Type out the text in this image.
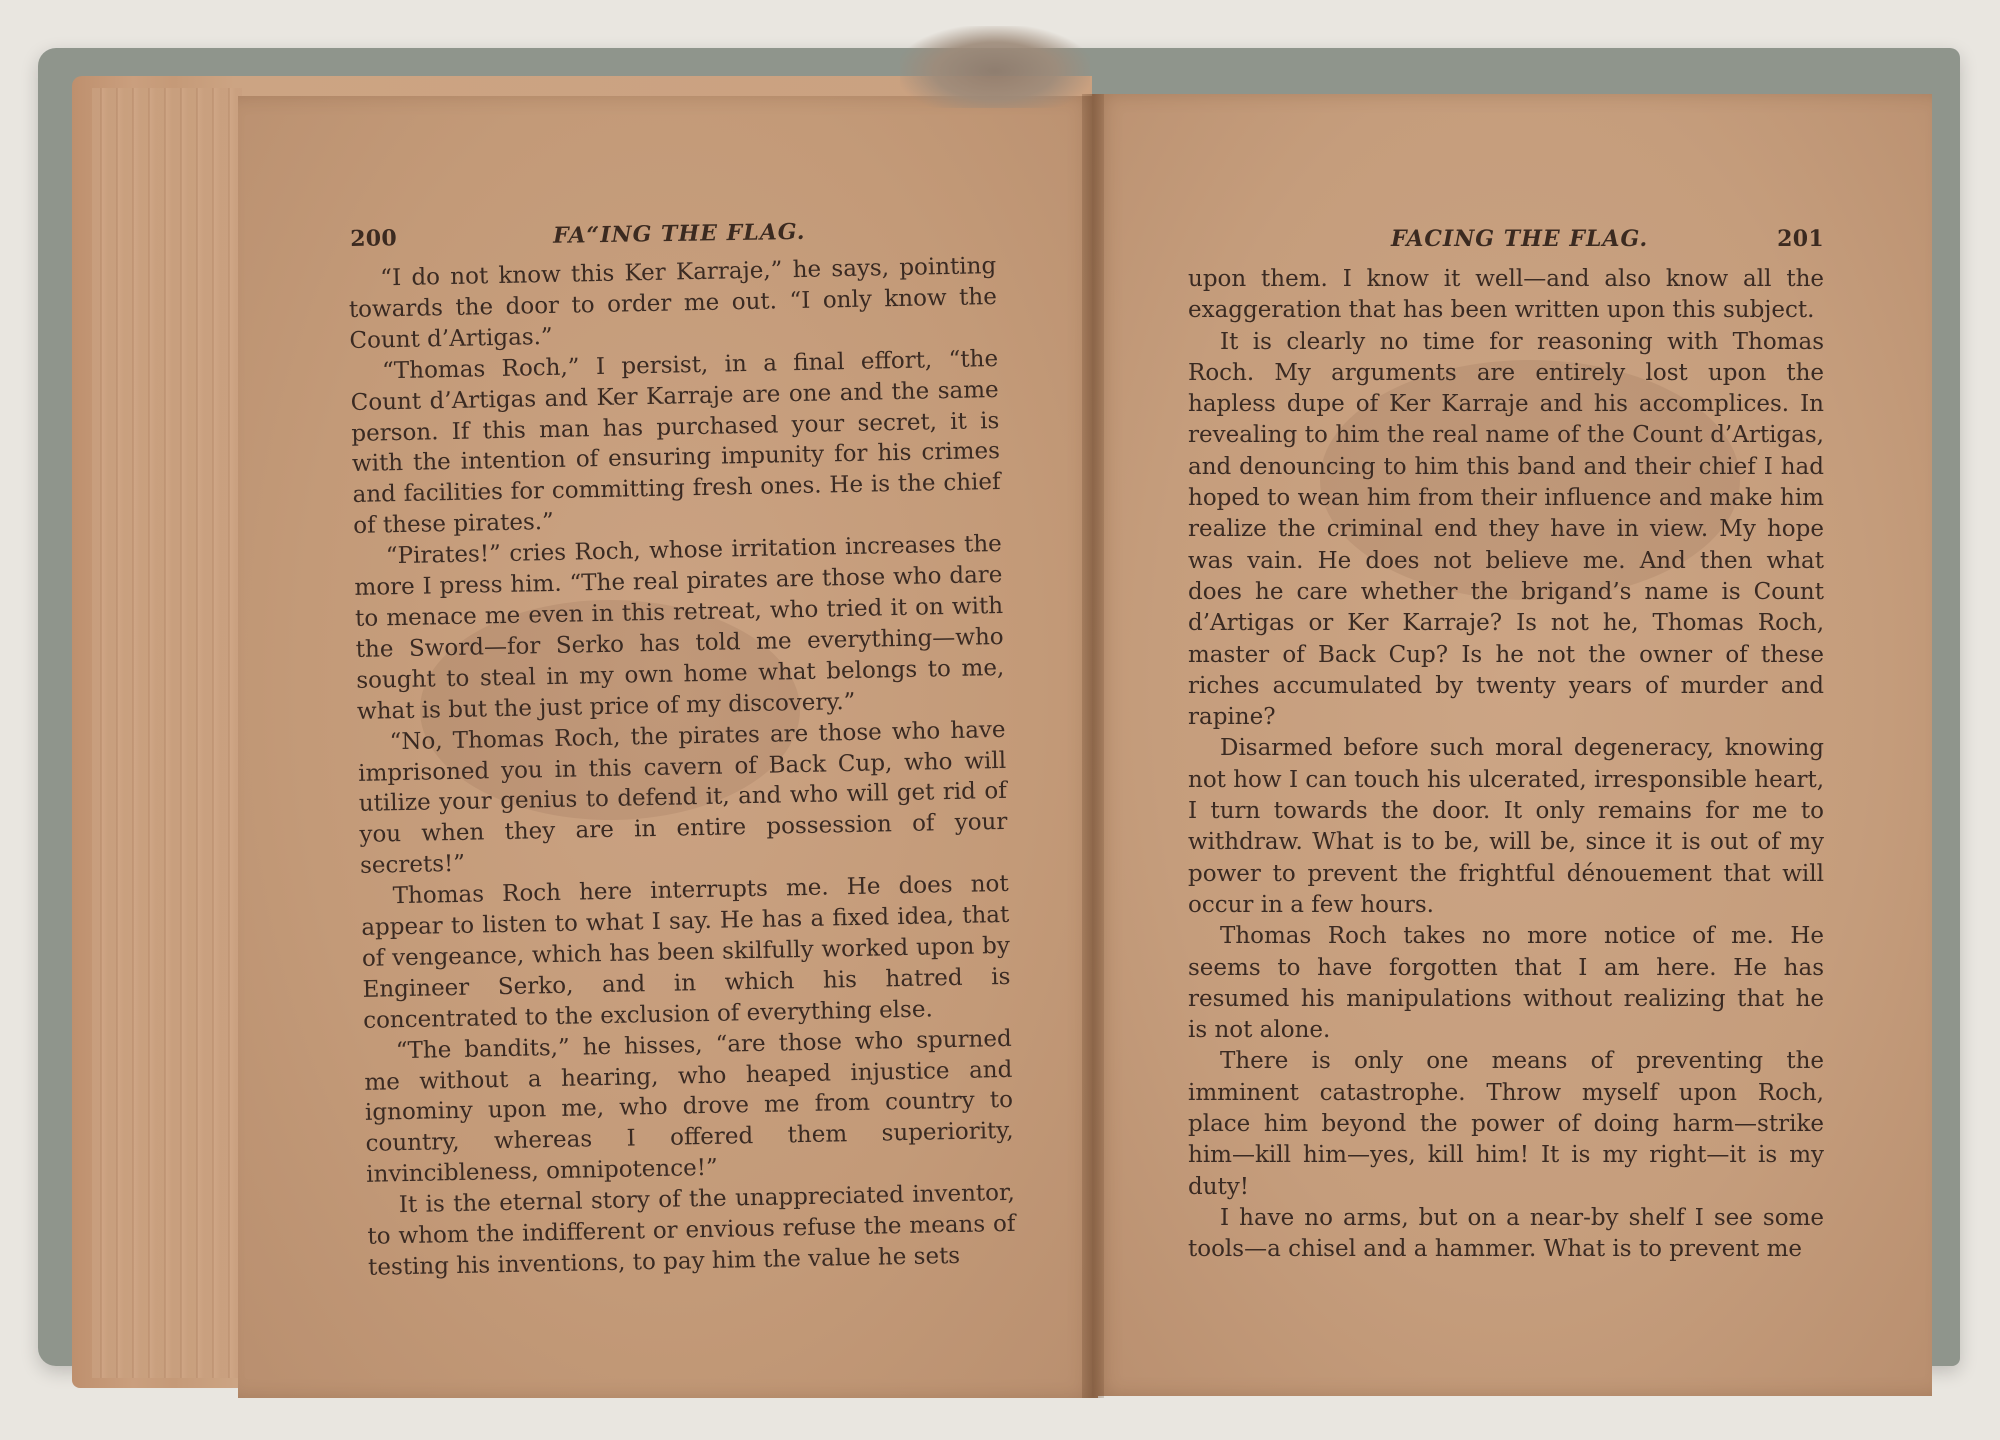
200	FA“ING THE FLAG.	FACING THE FLAG.	201

“I do not know this Ker Karraje,” he says, pointing towards the door to order me out. “I only know the Count d’Artigas.”

“Thomas Roch,” I persist, in a final effort, “the Count d’Artigas and Ker Karraje are one and the same person. If this man has purchased your secret, it is with the intention of ensuring impunity for his crimes and facilities for committing fresh ones. He is the chief of these pirates.”

“Pirates!” cries Roch, whose irritation increases the more I press him. “The real pirates are those who dare to menace me even in this retreat, who tried it on with the Sword—for Serko has told me everything—who sought to steal in my own home what belongs to me, what is but the just price of my discovery.”

“No, Thomas Roch, the pirates are those who have imprisoned you in this cavern of Back Cup, who will utilize your genius to defend it, and who will get rid of you when they are in entire possession of your secrets!”

Thomas Roch here interrupts me. He does not appear to listen to what I say. He has a fixed idea, that of vengeance, which has been skilfully worked upon by Engineer Serko, and in which his hatred is concentrated to the exclusion of everything else.

“The bandits,” he hisses, “are those who spurned me without a hearing, who heaped injustice and ignominy upon me, who drove me from country to country, whereas I offered them superiority, invincibleness, omnipotence!”

It is the eternal story of the unappreciated inventor, to whom the indifferent or envious refuse the means of testing his inventions, to pay him the value he sets

upon them. I know it well—and also know all the exaggeration that has been written upon this subject.

It is clearly no time for reasoning with Thomas Roch. My arguments are entirely lost upon the hapless dupe of Ker Karraje and his accomplices. In revealing to him the real name of the Count d’Artigas, and denouncing to him this band and their chief I had hoped to wean him from their influence and make him realize the criminal end they have in view. My hope was vain. He does not believe me. And then what does he care whether the brigand’s name is Count d’Artigas or Ker Karraje? Is not he, Thomas Roch, master of Back Cup? Is he not the owner of these riches accumulated by twenty years of murder and rapine?

Disarmed before such moral degeneracy, knowing not how I can touch his ulcerated, irresponsible heart, I turn towards the door. It only remains for me to withdraw. What is to be, will be, since it is out of my power to prevent the frightful dénouement that will occur in a few hours.

Thomas Roch takes no more notice of me. He seems to have forgotten that I am here. He has resumed his manipulations without realizing that he is not alone.

There is only one means of preventing the imminent catastrophe. Throw myself upon Roch, place him beyond the power of doing harm—strike him—kill him—yes, kill him! It is my right—it is my duty!

I have no arms, but on a near-by shelf I see some tools—a chisel and a hammer. What is to prevent me
